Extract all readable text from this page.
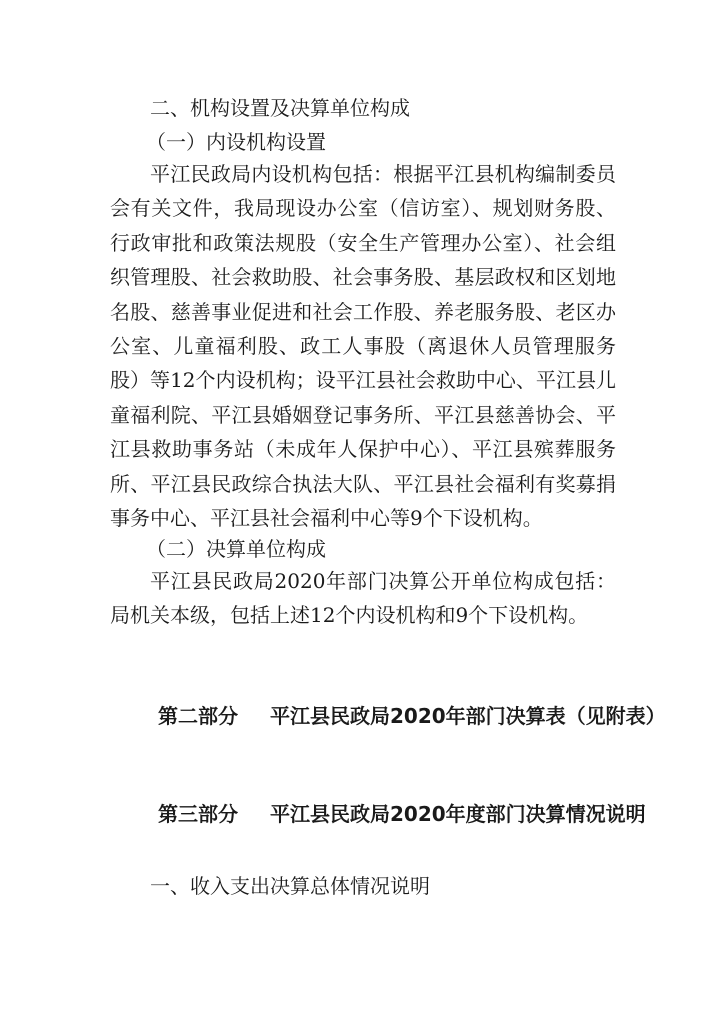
二、机构设置及决算单位构成
（一）内设机构设置

平江民政局内设机构包括：根据平江县机构编制委员会有关文件，我局现设办公室（信访室）、规划财务股、行政审批和政策法规股（安全生产管理办公室）、社会组织管理股、社会救助股、社会事务股、基层政权和区划地名股、慈善事业促进和社会工作股、养老服务股、老区办公室、儿童福利股、政工人事股（离退休人员管理服务股）等12个内设机构；设平江县社会救助中心、平江县儿童福利院、平江县婚姻登记事务所、平江县慈善协会、平江县救助事务站（未成年人保护中心）、平江县殡葬服务所、平江县民政综合执法大队、平江县社会福利有奖募捐事务中心、平江县社会福利中心等9个下设机构。

（二）决算单位构成

平江县民政局2020年部门决算公开单位构成包括：局机关本级，包括上述12个内设机构和9个下设机构。

第二部分 平江县民政局2020年部门决算表（见附表）
第三部分 平江县民政局2020年度部门决算情况说明
一、收入支出决算总体情况说明
